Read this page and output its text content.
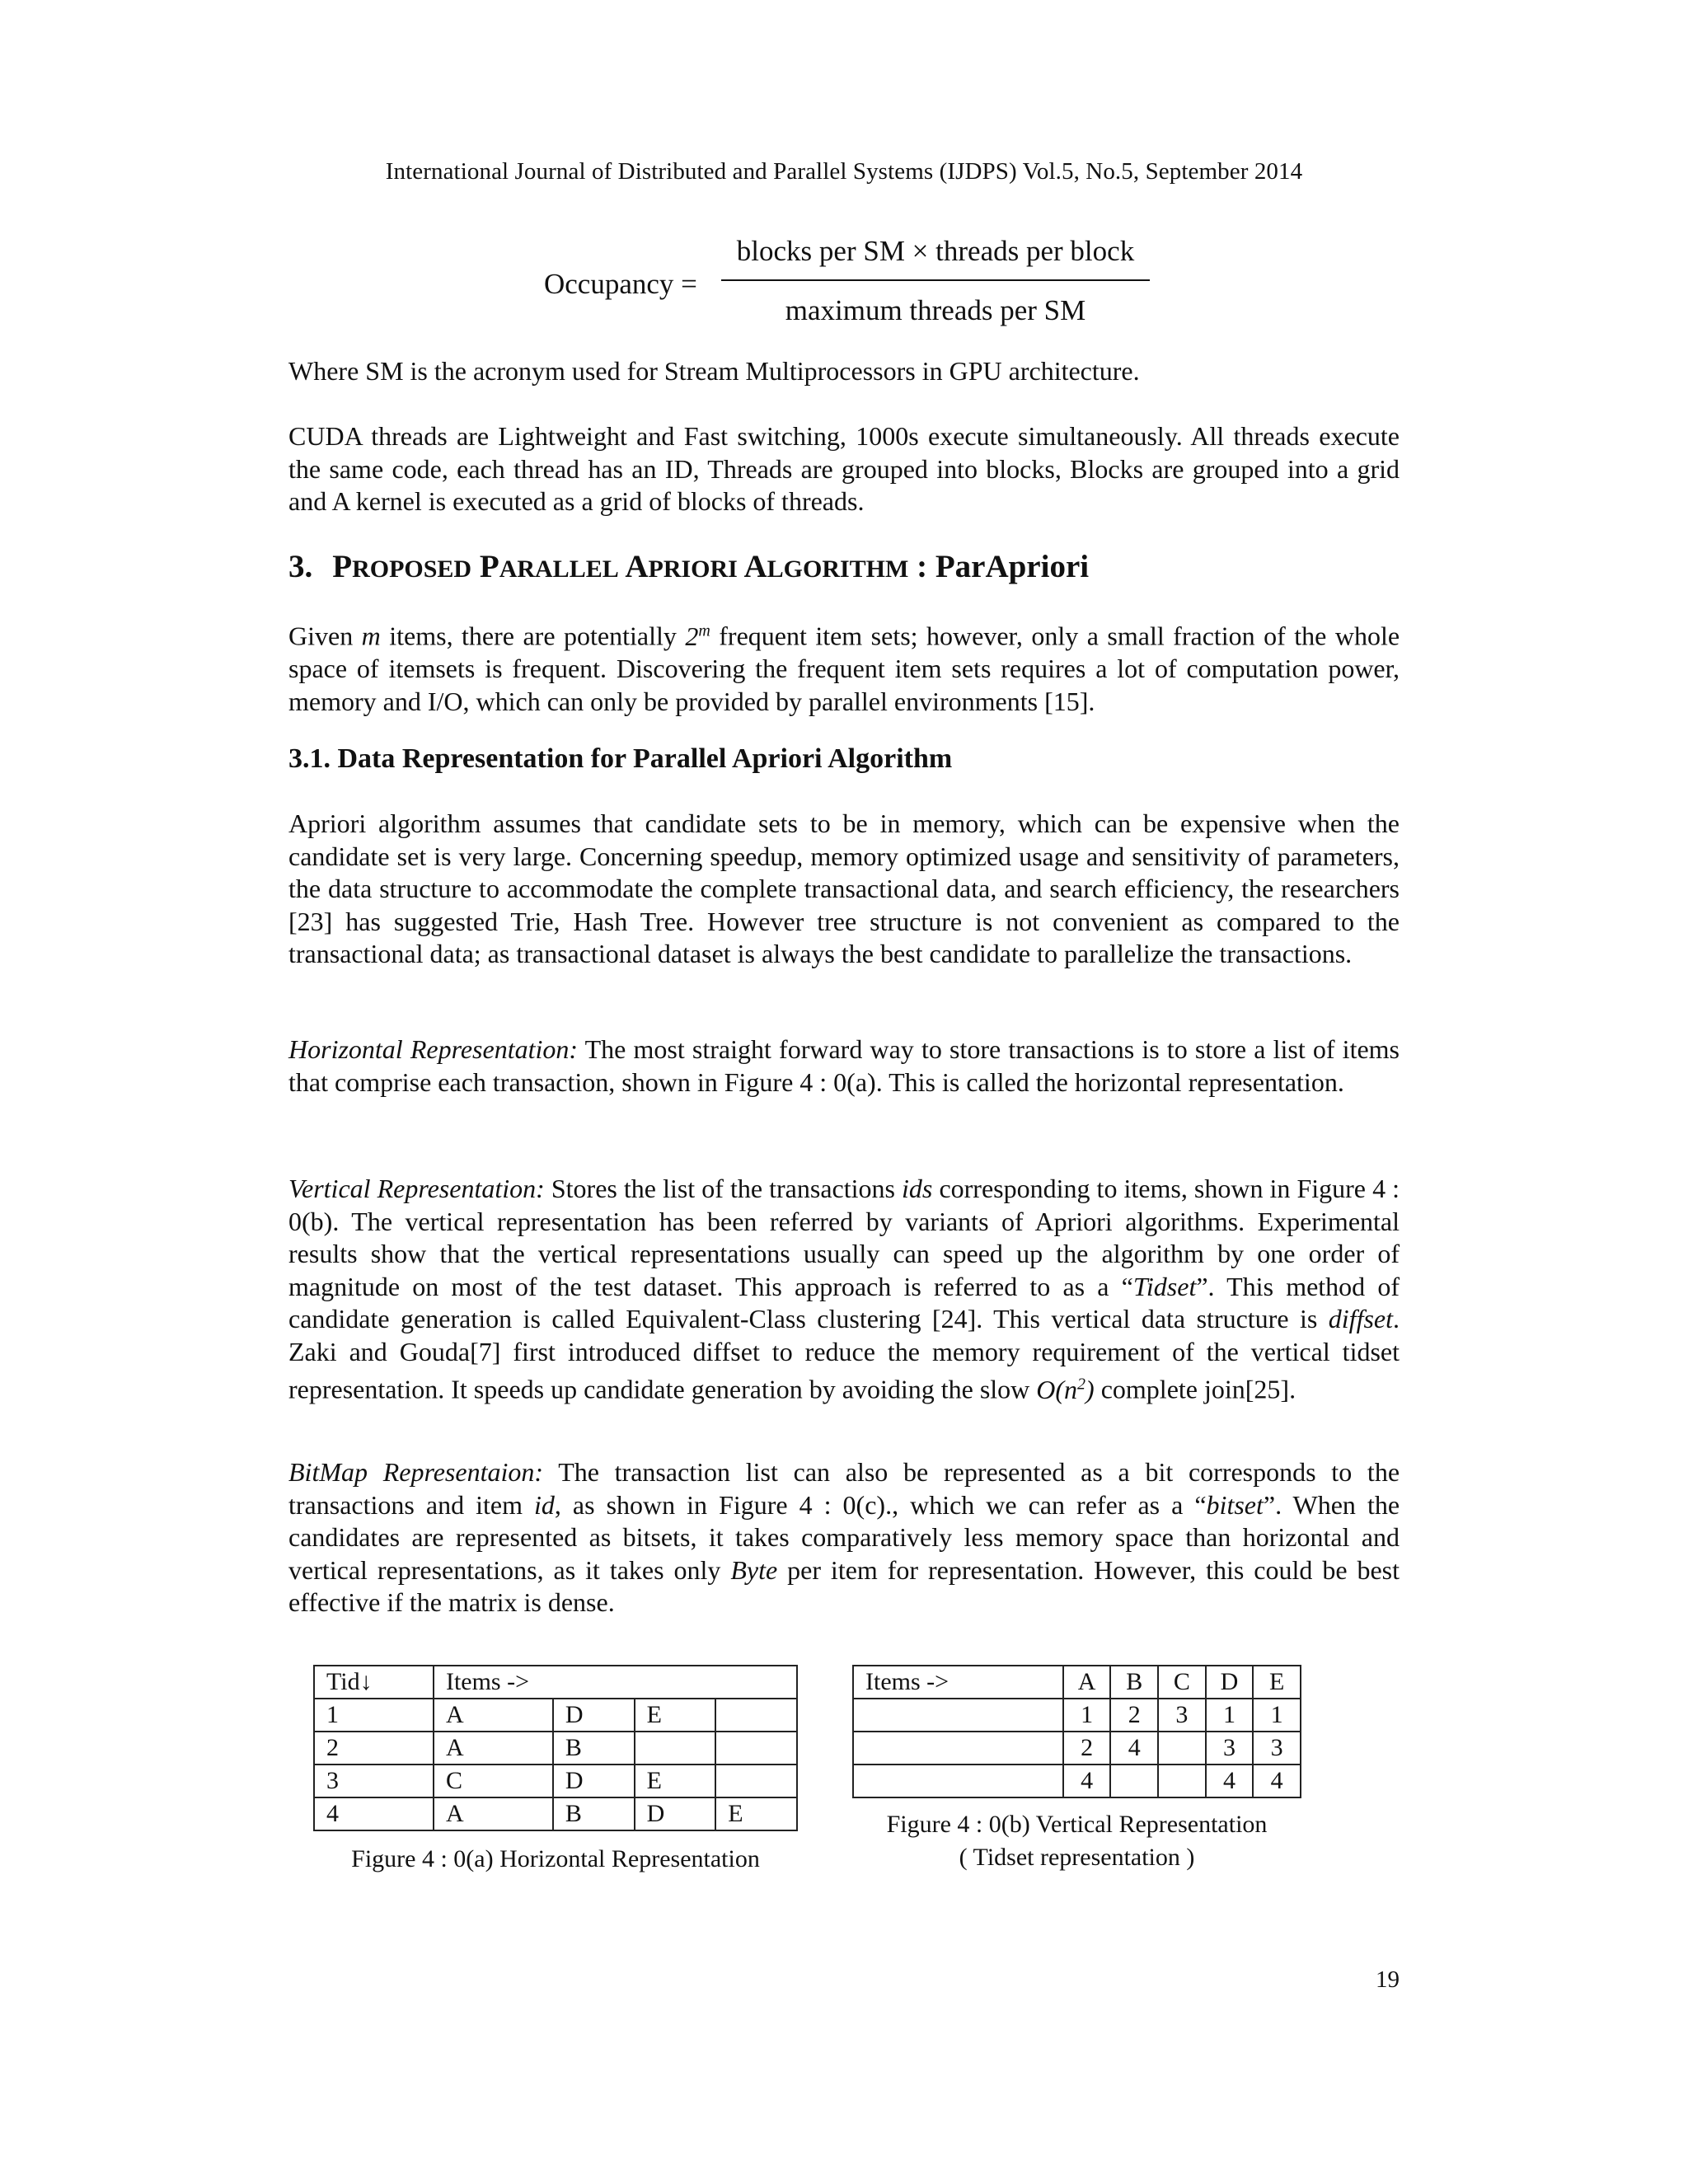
International Journal of Distributed and Parallel Systems (IJDPS) Vol.5, No.5, September 2014
Occupancy =
blocks per SM × threads per block
maximum threads per SM

Where SM is the acronym used for Stream Multiprocessors in GPU architecture.

CUDA threads are Lightweight and Fast switching, 1000s execute simultaneously. All threads execute the same code, each thread has an ID, Threads are grouped into blocks, Blocks are grouped into a grid and A kernel is executed as a grid of blocks of threads.

3. PROPOSED PARALLEL APRIORI ALGORITHM : ParApriori

Given m items, there are potentially 2$^m$ frequent item sets; however, only a small fraction of the whole space of itemsets is frequent. Discovering the frequent item sets requires a lot of computation power, memory and I/O, which can only be provided by parallel environments [15].

3.1. Data Representation for Parallel Apriori Algorithm

Apriori algorithm assumes that candidate sets to be in memory, which can be expensive when the candidate set is very large. Concerning speedup, memory optimized usage and sensitivity of parameters, the data structure to accommodate the complete transactional data, and search efficiency, the researchers [23] has suggested Trie, Hash Tree. However tree structure is not convenient as compared to the transactional data; as transactional dataset is always the best candidate to parallelize the transactions.

Horizontal Representation: The most straight forward way to store transactions is to store a list of items that comprise each transaction, shown in Figure 4 : 0(a). This is called the horizontal representation.

Vertical Representation: Stores the list of the transactions ids corresponding to items, shown in Figure 4 : 0(b). The vertical representation has been referred by variants of Apriori algorithms. Experimental results show that the vertical representations usually can speed up the algorithm by one order of magnitude on most of the test dataset. This approach is referred to as a “Tidset”. This method of candidate generation is called Equivalent-Class clustering [24]. This vertical data structure is diffset. Zaki and Gouda[7] first introduced diffset to reduce the memory requirement of the vertical tidset representation. It speeds up candidate generation by avoiding the slow $O(n^2)$ complete join[25].

BitMap Representaion: The transaction list can also be represented as a bit corresponds to the transactions and item id, as shown in Figure 4 : 0(c)., which we can refer as a “bitset”. When the candidates are represented as bitsets, it takes comparatively less memory space than horizontal and vertical representations, as it takes only Byte per item for representation. However, this could be best effective if the matrix is dense.

Tid↓	Items ->			
1	A	D	E	
2	A	B		
3	C	D	E	
4	A	B	D	E
Figure 4 : 0(a) Horizontal Representation
Items ->	A	B	C	D	E
	1	2	3	1	1
	2	4		3	3
	4			4	4
Figure 4 : 0(b) Vertical Representation
( Tidset representation )
19
